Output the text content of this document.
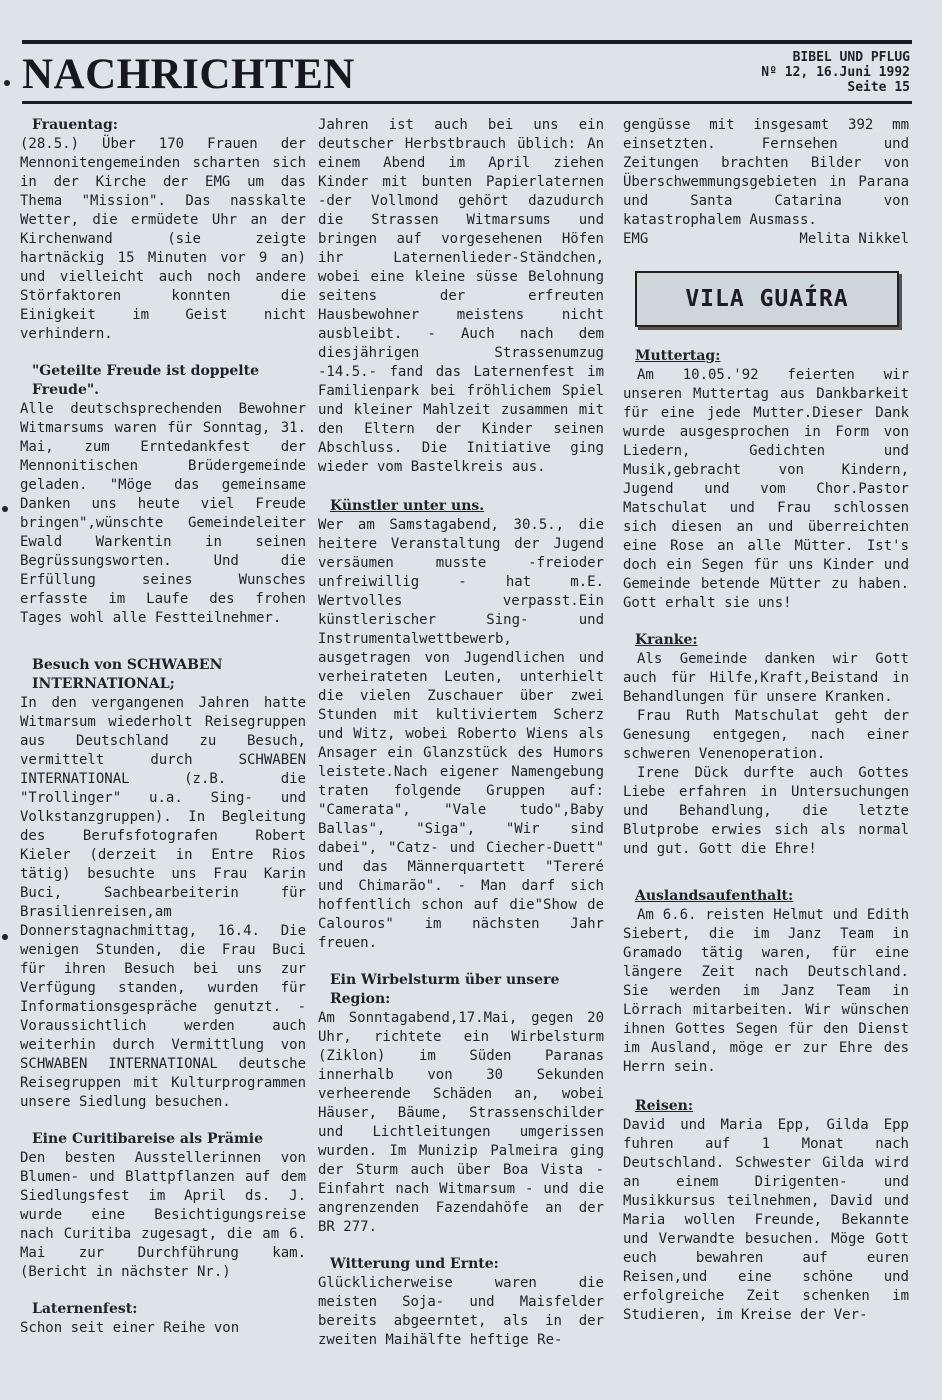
NACHRICHTEN	BIBEL UND PFLUG
Nº 12, 16.Juni 1992
Seite 15
Frauentag:

(28.5.) Über 170 Frauen der Mennonitengemeinden scharten sich in der Kirche der EMG um das Thema "Mission". Das nasskalte Wetter, die ermüdete Uhr an der Kirchenwand (sie zeigte hartnäckig 15 Minuten vor 9 an) und vielleicht auch noch andere Störfaktoren konnten die Einigkeit im Geist nicht verhindern.

"Geteilte Freude ist doppelte Freude".

Alle deutschsprechenden Bewohner Witmarsums waren für Sonntag, 31. Mai, zum Erntedankfest der Mennonitischen Brüdergemeinde geladen. "Möge das gemeinsame Danken uns heute viel Freude bringen",wünschte Gemeindeleiter Ewald Warkentin in seinen Begrüssungsworten. Und die Erfüllung seines Wunsches erfasste im Laufe des frohen Tages wohl alle Festteilnehmer.

Besuch von SCHWABEN INTERNATIONAL;

In den vergangenen Jahren hatte Witmarsum wiederholt Reisegruppen aus Deutschland zu Besuch, vermittelt durch SCHWABEN INTERNATIONAL (z.B. die "Trollinger" u.a. Sing- und Volkstanzgruppen). In Begleitung des Berufsfotografen Robert Kieler (derzeit in Entre Rios tätig) besuchte uns Frau Karin Buci, Sachbearbeiterin für Brasilienreisen,am Donnerstagnachmittag, 16.4. Die wenigen Stunden, die Frau Buci für ihren Besuch bei uns zur Verfügung standen, wurden für Informationsgespräche genutzt. - Voraussichtlich werden auch weiterhin durch Vermittlung von SCHWABEN INTERNATIONAL deutsche Reisegruppen mit Kulturprogrammen unsere Siedlung besuchen.

Eine Curitibareise als Prämie

Den besten Ausstellerinnen von Blumen- und Blattpflanzen auf dem Siedlungsfest im April ds. J. wurde eine Besichtigungsreise nach Curitiba zugesagt, die am 6. Mai zur Durchführung kam. (Bericht in nächster Nr.)

Laternenfest:

Schon seit einer Reihe von

Jahren ist auch bei uns ein deutscher Herbstbrauch üblich: An einem Abend im April ziehen Kinder mit bunten Papierlaternen -der Vollmond gehört dazudurch die Strassen Witmarsums und bringen auf vorgesehenen Höfen ihr Laternenlieder-Ständchen, wobei eine kleine süsse Belohnung seitens der erfreuten Hausbewohner meistens nicht ausbleibt. - Auch nach dem diesjährigen Strassenumzug -14.5.- fand das Laternenfest im Familienpark bei fröhlichem Spiel und kleiner Mahlzeit zusammen mit den Eltern der Kinder seinen Abschluss. Die Initiative ging wieder vom Bastelkreis aus.

Künstler unter uns.

Wer am Samstagabend, 30.5., die heitere Veranstaltung der Jugend versäumen musste -freioder unfreiwillig - hat m.E. Wertvolles verpasst.Ein künstlerischer Sing- und Instrumentalwettbewerb, ausgetragen von Jugendlichen und verheirateten Leuten, unterhielt die vielen Zuschauer über zwei Stunden mit kultiviertem Scherz und Witz, wobei Roberto Wiens als Ansager ein Glanzstück des Humors leistete.Nach eigener Namengebung traten folgende Gruppen auf: "Camerata", "Vale tudo",Baby Ballas", "Siga", "Wir sind dabei", "Catz- und Ciecher-Duett" und das Männerquartett "Tereré und Chimarão". - Man darf sich hoffentlich schon auf die"Show de Calouros" im nächsten Jahr freuen.

Ein Wirbelsturm über unsere Region:

Am Sonntagabend,17.Mai, gegen 20 Uhr, richtete ein Wirbelsturm (Ziklon) im Süden Paranas innerhalb von 30 Sekunden verheerende Schäden an, wobei Häuser, Bäume, Strassenschilder und Lichtleitungen umgerissen wurden. Im Munizip Palmeira ging der Sturm auch über Boa Vista - Einfahrt nach Witmarsum - und die angrenzenden Fazendahöfe an der BR 277.

Witterung und Ernte:

Glücklicherweise waren die meisten Soja- und Maisfelder bereits abgeerntet, als in der zweiten Maihälfte heftige Re-

gengüsse mit insgesamt 392 mm einsetzten. Fernsehen und Zeitungen brachten Bilder von Überschwemmungsgebieten in Parana und Santa Catarina von katastrophalem Ausmass.

EMG	Melita Nikkel
VILA GUAÍRA
Muttertag:

Am 10.05.'92 feierten wir unseren Muttertag aus Dankbarkeit für eine jede Mutter.Dieser Dank wurde ausgesprochen in Form von Liedern, Gedichten und Musik,gebracht von Kindern, Jugend und vom Chor.Pastor Matschulat und Frau schlossen sich diesen an und überreichten eine Rose an alle Mütter. Ist's doch ein Segen für uns Kinder und Gemeinde betende Mütter zu haben. Gott erhalt sie uns!

Kranke:

Als Gemeinde danken wir Gott auch für Hilfe,Kraft,Beistand in Behandlungen für unsere Kranken.

Frau Ruth Matschulat geht der Genesung entgegen, nach einer schweren Venenoperation.

Irene Dück durfte auch Gottes Liebe erfahren in Untersuchungen und Behandlung, die letzte Blutprobe erwies sich als normal und gut. Gott die Ehre!

Auslandsaufenthalt:

Am 6.6. reisten Helmut und Edith Siebert, die im Janz Team in Gramado tätig waren, für eine längere Zeit nach Deutschland. Sie werden im Janz Team in Lörrach mitarbeiten. Wir wünschen ihnen Gottes Segen für den Dienst im Ausland, möge er zur Ehre des Herrn sein.

Reisen:

David und Maria Epp, Gilda Epp fuhren auf 1 Monat nach Deutschland. Schwester Gilda wird an einem Dirigenten- und Musikkursus teilnehmen, David und Maria wollen Freunde, Bekannte und Verwandte besuchen. Möge Gott euch bewahren auf euren Reisen,und eine schöne und erfolgreiche Zeit schenken im Studieren, im Kreise der Ver-
